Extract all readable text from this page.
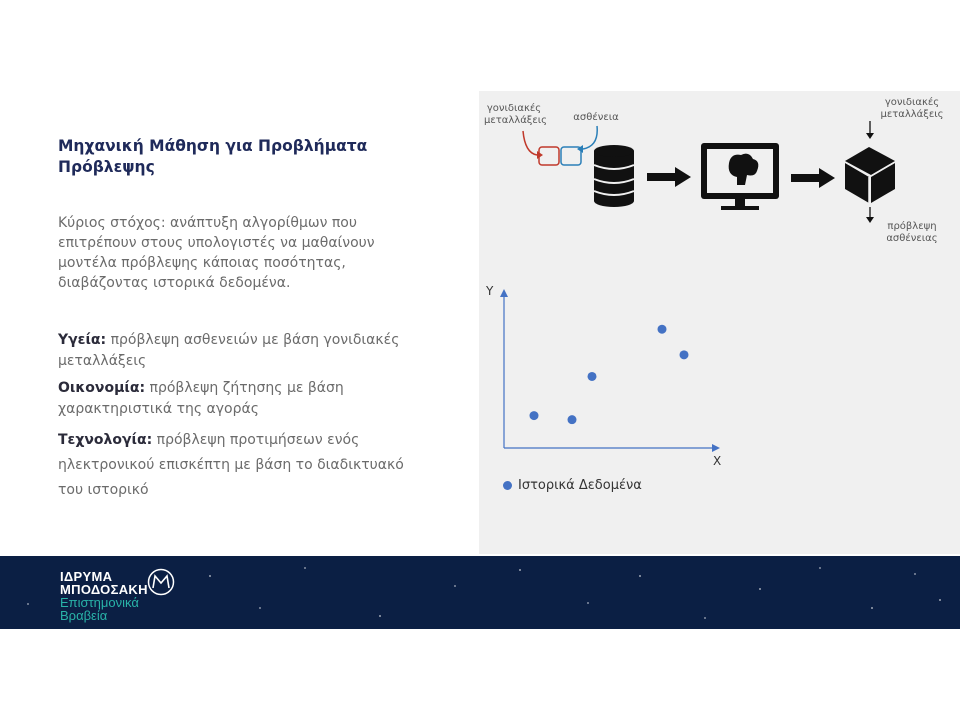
Μηχανική Μάθηση για Προβλήματα
Πρόβλεψης
Κύριος στόχος: ανάπτυξη αλγορίθμων που
επιτρέπουν στους υπολογιστές να μαθαίνουν
μοντέλα πρόβλεψης κάποιας ποσότητας,
διαβάζοντας ιστορικά δεδομένα.
Υγεία: πρόβλεψη ασθενειών με βάση γονιδιακές
μεταλλάξεις
Οικονομία: πρόβλεψη ζήτησης με βάση
χαρακτηριστικά της αγοράς
Τεχνολογία: πρόβλεψη προτιμήσεων ενός
ηλεκτρονικού επισκέπτη με βάση το διαδικτυακό
του ιστορικό
γονιδιακές
μεταλλάξεις	ασθένεια
γονιδιακές
μεταλλάξεις
πρόβλεψη
ασθένειας
Y
X
Ιστορικά Δεδομένα
ΙΔΡΥΜΑ
ΜΠΟΔΟΣΑΚΗ
Επιστημονικά
Βραβεία
